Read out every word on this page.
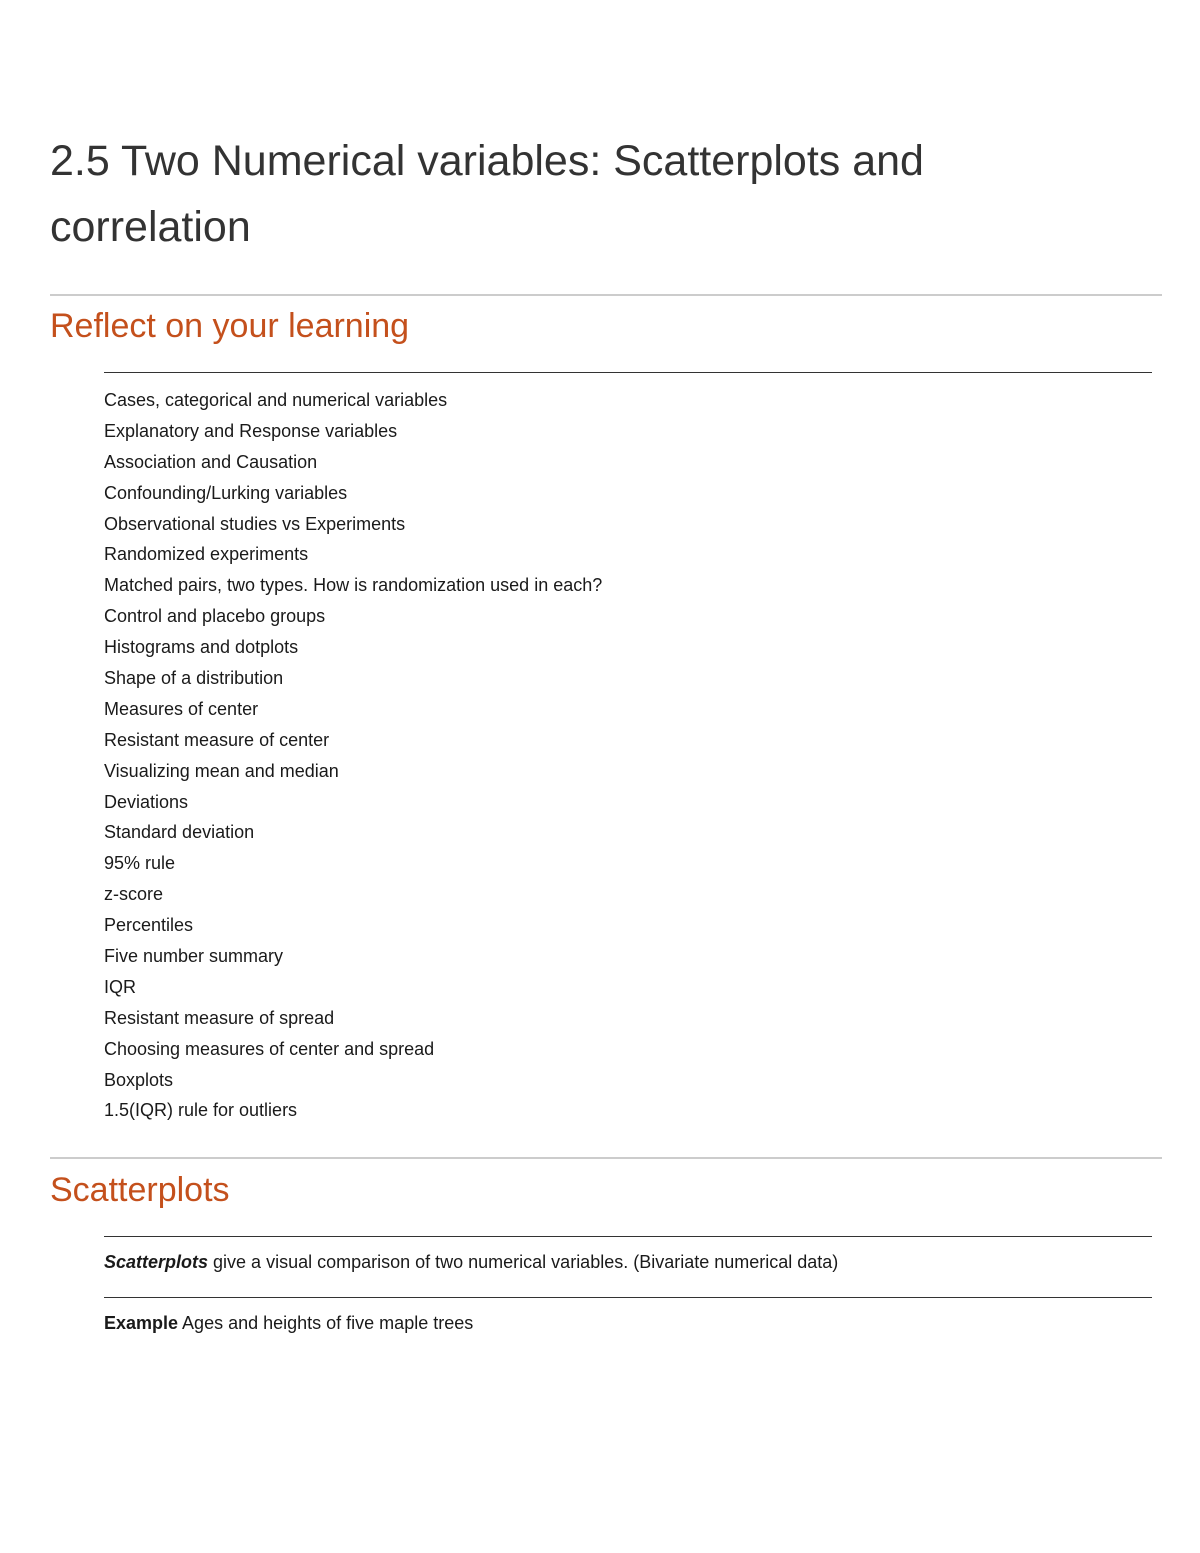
2.5 Two Numerical variables: Scatterplots and correlation
Reflect on your learning
Cases, categorical and numerical variables
Explanatory and Response variables
Association and Causation
Confounding/Lurking variables
Observational studies vs Experiments
Randomized experiments
Matched pairs, two types. How is randomization used in each?
Control and placebo groups
Histograms and dotplots
Shape of a distribution
Measures of center
Resistant measure of center
Visualizing mean and median
Deviations
Standard deviation
95% rule
z-score
Percentiles
Five number summary
IQR
Resistant measure of spread
Choosing measures of center and spread
Boxplots
1.5(IQR) rule for outliers
Scatterplots

Scatterplots give a visual comparison of two numerical variables. (Bivariate numerical data)

Example Ages and heights of five maple trees
